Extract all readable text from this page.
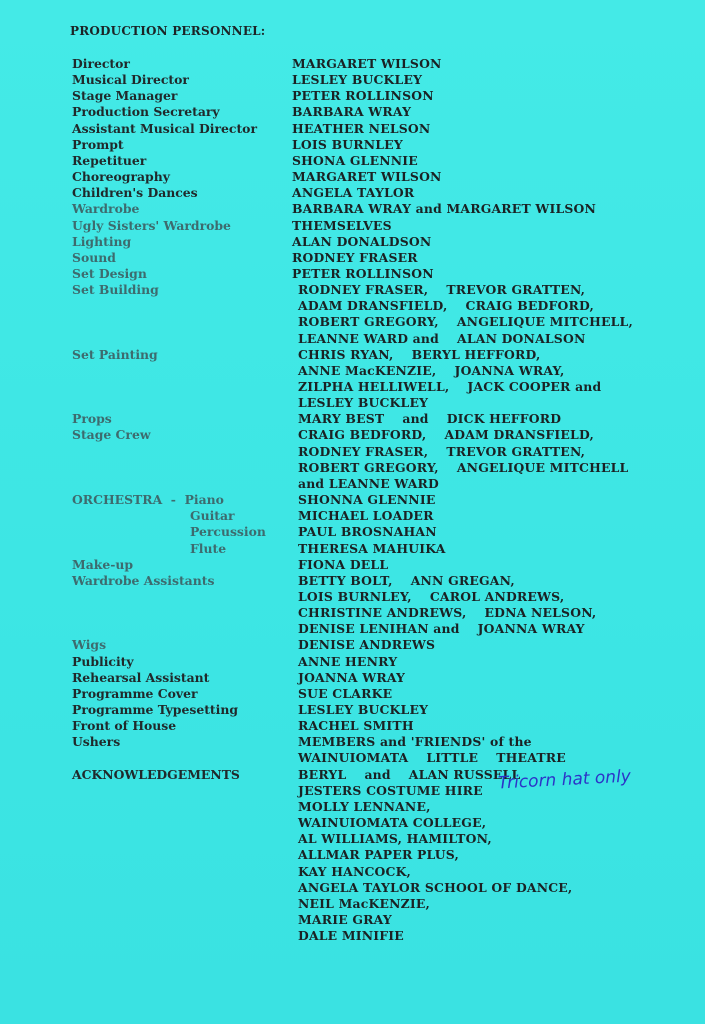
PRODUCTION PERSONNEL:
Director	MARGARET WILSON
Musical Director	LESLEY BUCKLEY
Stage Manager	PETER ROLLINSON
Production Secretary	BARBARA WRAY
Assistant Musical Director	HEATHER NELSON
Prompt	LOIS BURNLEY
Repetituer	SHONA GLENNIE
Choreography	MARGARET WILSON
Children's Dances	ANGELA TAYLOR
Wardrobe	BARBARA WRAY and MARGARET WILSON
Ugly Sisters' Wardrobe	THEMSELVES
Lighting	ALAN DONALDSON
Sound	RODNEY FRASER
Set Design	PETER ROLLINSON
Set Building	RODNEY FRASER,    TREVOR GRATTEN,
ADAM DRANSFIELD,    CRAIG BEDFORD,
ROBERT GREGORY,    ANGELIQUE MITCHELL,
LEANNE WARD and    ALAN DONALSON
Set Painting	CHRIS RYAN,    BERYL HEFFORD,
ANNE MacKENZIE,    JOANNA WRAY,
ZILPHA HELLIWELL,    JACK COOPER and
LESLEY BUCKLEY
Props	MARY BEST    and    DICK HEFFORD
Stage Crew	CRAIG BEDFORD,    ADAM DRANSFIELD,
RODNEY FRASER,    TREVOR GRATTEN,
ROBERT GREGORY,    ANGELIQUE MITCHELL
and LEANNE WARD
ORCHESTRA  -  Piano	SHONNA GLENNIE
Guitar	MICHAEL LOADER
Percussion	PAUL BROSNAHAN
Flute	THERESA MAHUIKA
Make-up	FIONA DELL
Wardrobe Assistants	BETTY BOLT,    ANN GREGAN,
LOIS BURNLEY,    CAROL ANDREWS,
CHRISTINE ANDREWS,    EDNA NELSON,
DENISE LENIHAN and    JOANNA WRAY
Wigs	DENISE ANDREWS
Publicity	ANNE HENRY
Rehearsal Assistant	JOANNA WRAY
Programme Cover	SUE CLARKE
Programme Typesetting	LESLEY BUCKLEY
Front of House	RACHEL SMITH
Ushers	MEMBERS and 'FRIENDS' of the
WAINUIOMATA    LITTLE    THEATRE
ACKNOWLEDGEMENTS	BERYL    and    ALAN RUSSELL
JESTERS COSTUME HIRE
MOLLY LENNANE,
WAINUIOMATA COLLEGE,
AL WILLIAMS, HAMILTON,
ALLMAR PAPER PLUS,
KAY HANCOCK,
ANGELA TAYLOR SCHOOL OF DANCE,
NEIL MacKENZIE,
MARIE GRAY
DALE MINIFIE
Tricorn hat only
